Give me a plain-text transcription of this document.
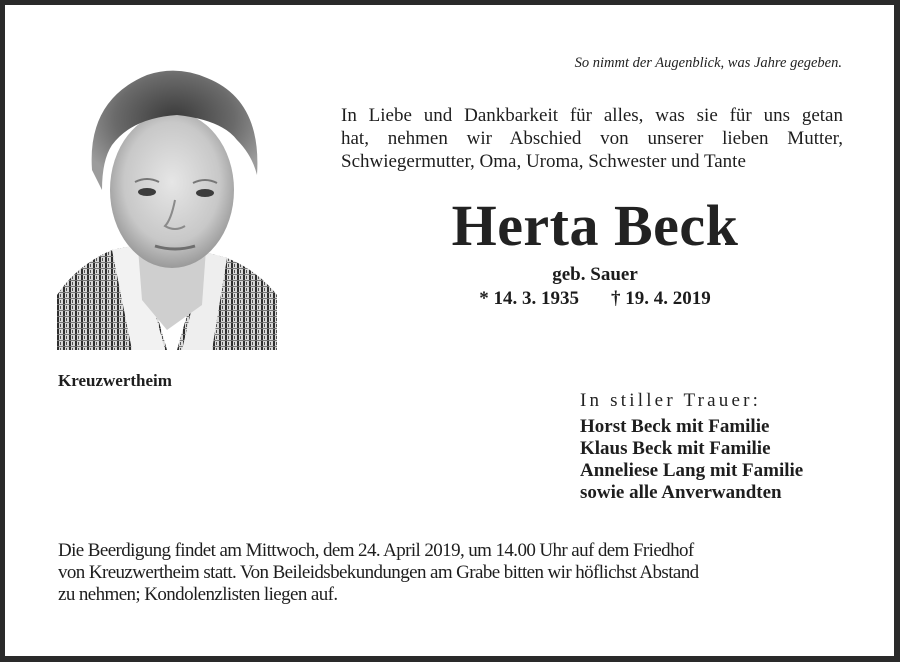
So nimmt der Augenblick, was Jahre gegeben.
In Liebe und Dankbarkeit für alles, was sie für uns getan
hat, nehmen wir Abschied von unserer lieben Mutter,
Schwiegermutter, Oma, Uroma, Schwester und Tante
Herta Beck
geb. Sauer
* 14. 3. 1935 † 19. 4. 2019
Kreuzwertheim
In stiller Trauer:
Horst Beck mit Familie
Klaus Beck mit Familie
Anneliese Lang mit Familie
sowie alle Anverwandten
Die Beerdigung findet am Mittwoch, dem 24. April 2019, um 14.00 Uhr auf dem Friedhof
von Kreuzwertheim statt. Von Beileidsbekundungen am Grabe bitten wir höflichst Abstand
zu nehmen; Kondolenzlisten liegen auf.
